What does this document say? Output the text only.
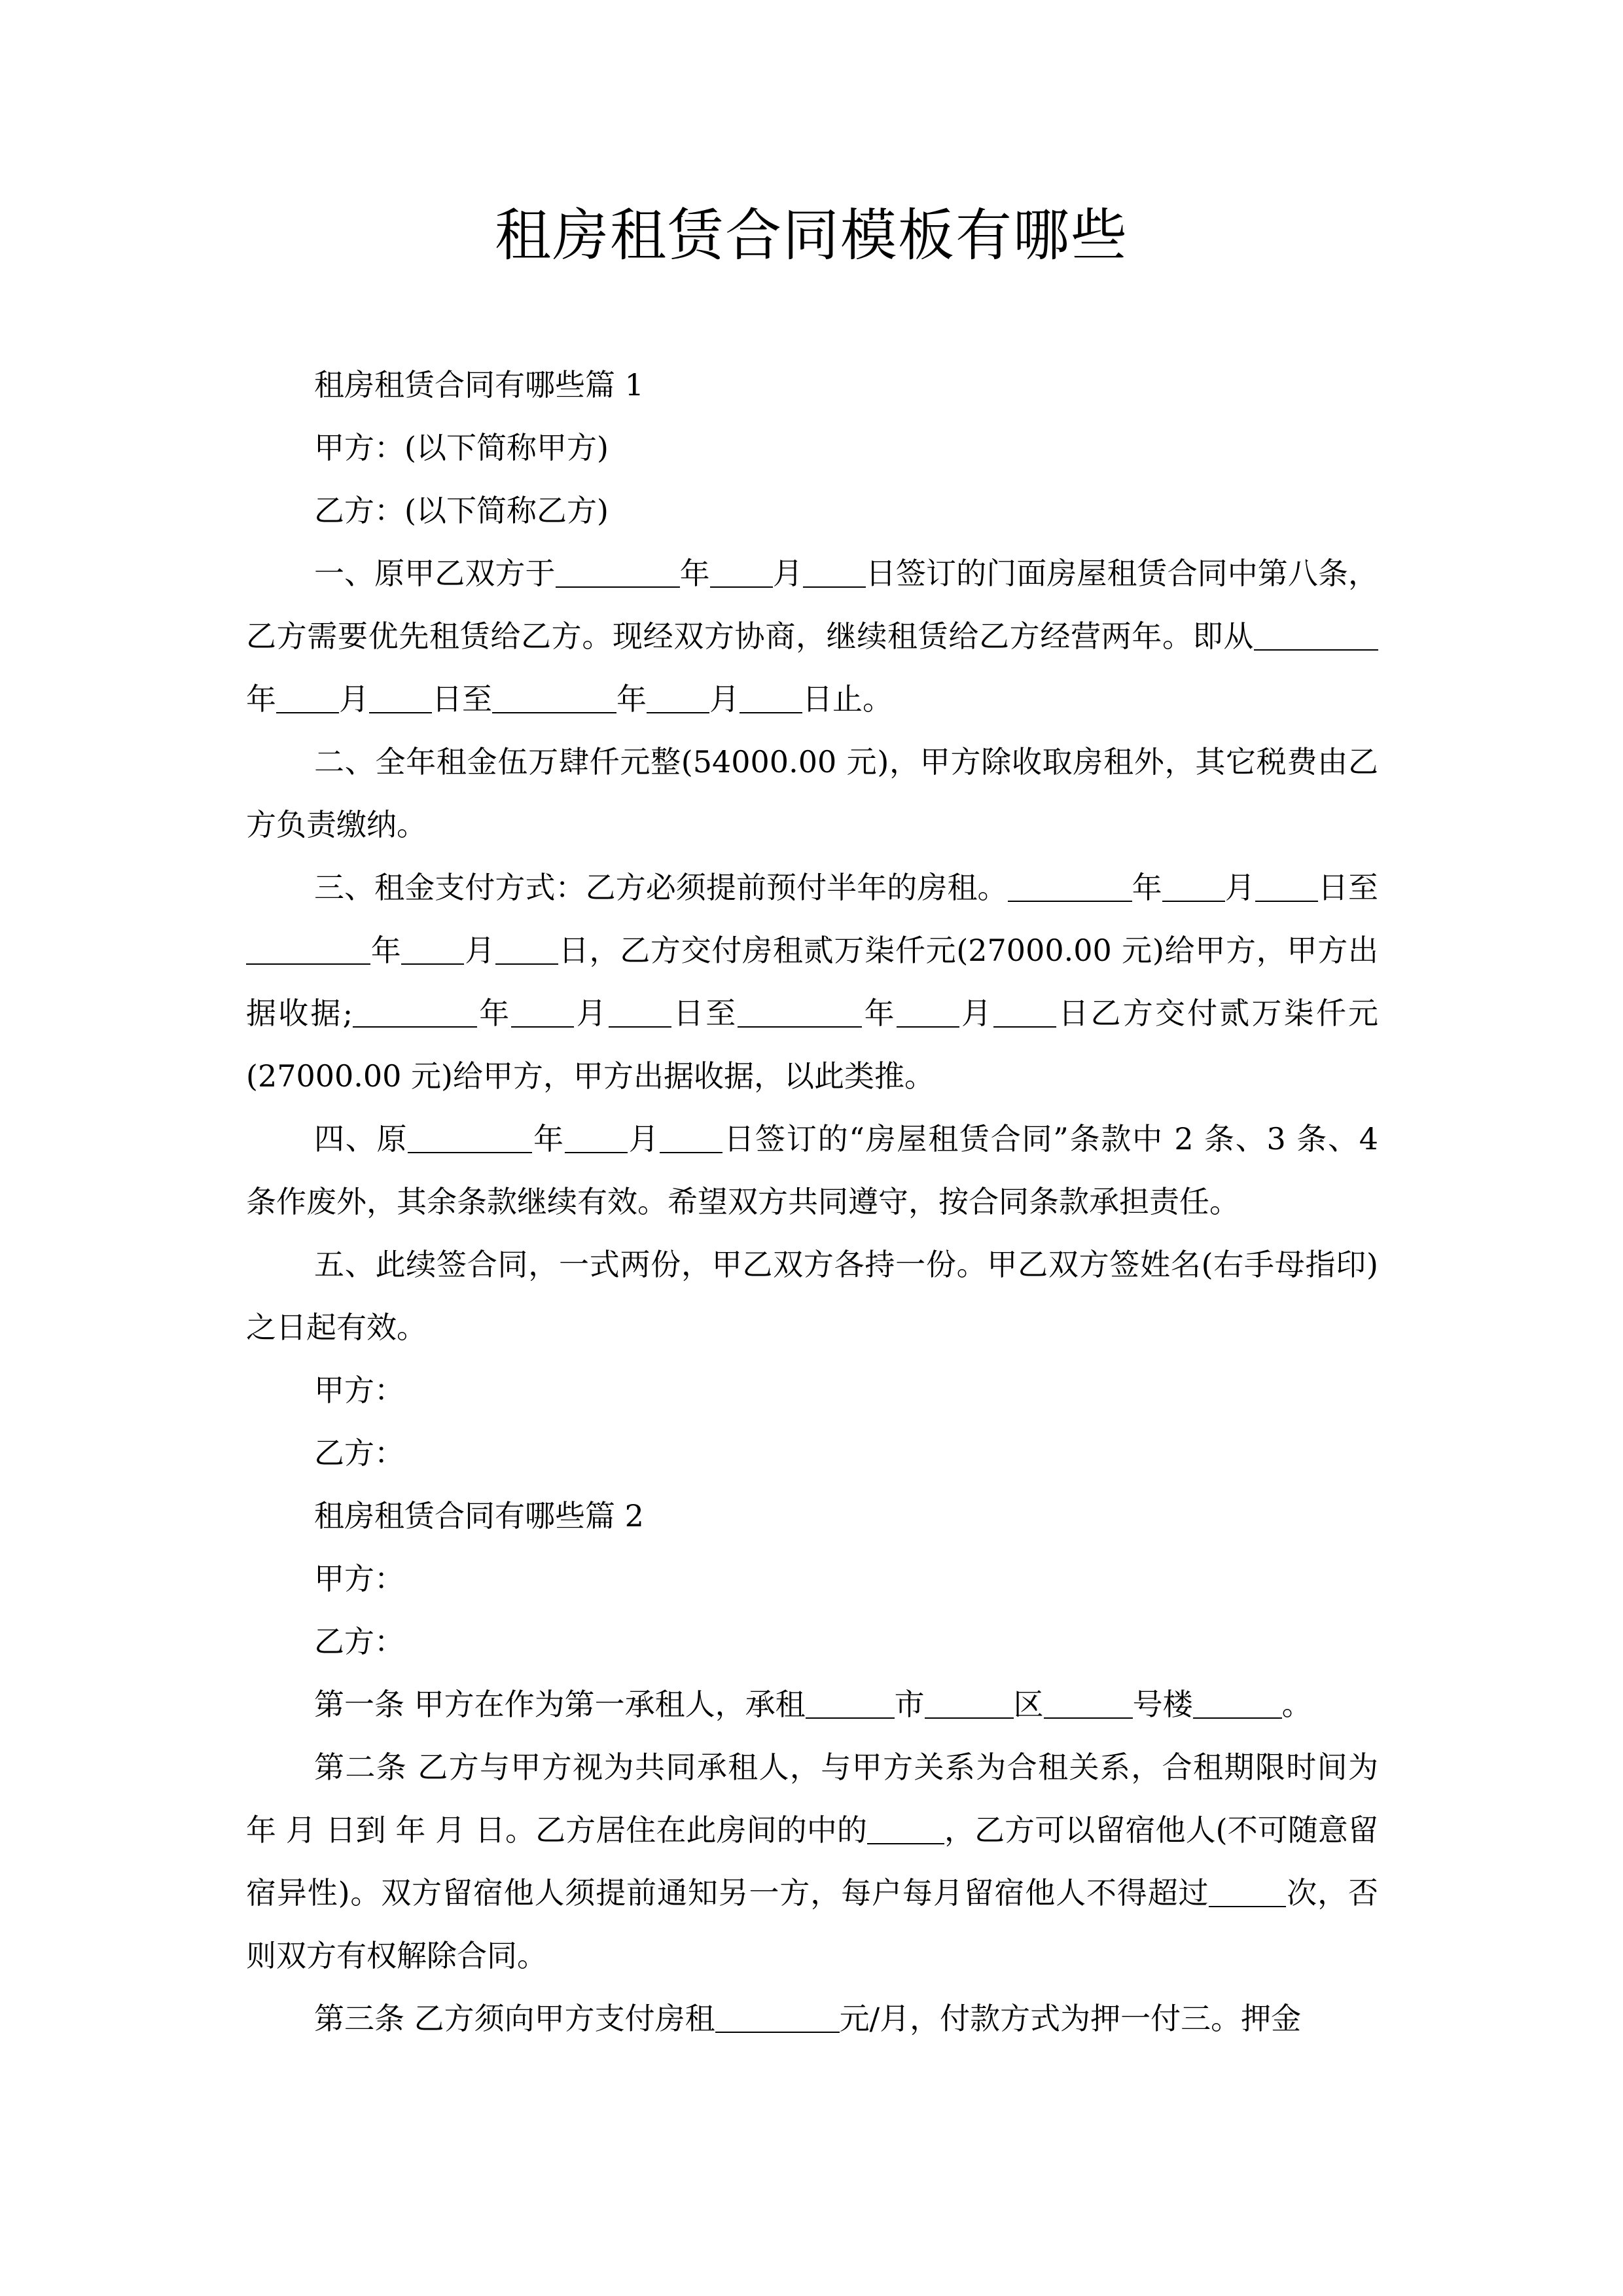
租房租赁合同模板有哪些

租房租赁合同有哪些篇 1

甲方：(以下简称甲方)

乙方：(以下简称乙方)

一、原甲乙双方于	年 月 日签订的门面房屋租赁合同中第八条，乙方需要优先租赁给乙方。现经双方协商，继续租赁给乙方经营两年。即从年 月 日至	年 月 日止。

二、全年租金伍万肆仟元整(54000.00 元)，甲方除收取房租外，其它税费由乙方负责缴纳。

三、租金支付方式：乙方必须提前预付半年的房租。	年 月 日至年 月 日，乙方交付房租贰万柒仟元(27000.00 元)给甲方，甲方出据收据;	年 月 日至	年 月 日乙方交付贰万柒仟元(27000.00 元)给甲方，甲方出据收据，以此类推。

四、原	年 月 日签订的“房屋租赁合同”条款中 2 条、3 条、4 条作废外，其余条款继续有效。希望双方共同遵守，按合同条款承担责任。

五、此续签合同，一式两份，甲乙双方各持一份。甲乙双方签姓名(右手母指印)之日起有效。

甲方：

乙方：

租房租赁合同有哪些篇 2

甲方：

乙方：

第一条 甲方在作为第一承租人，承租	市	区	号楼	。

第二条 乙方与甲方视为共同承租人，与甲方关系为合租关系，合租期限时间为 年 月 日到 年 月 日。乙方居住在此房间的中的	，乙方可以留宿他人(不可随意留宿异性)。双方留宿他人须提前通知另一方，每户每月留宿他人不得超过	次，否则双方有权解除合同。

第三条 乙方须向甲方支付房租	元/月，付款方式为押一付三。押金
